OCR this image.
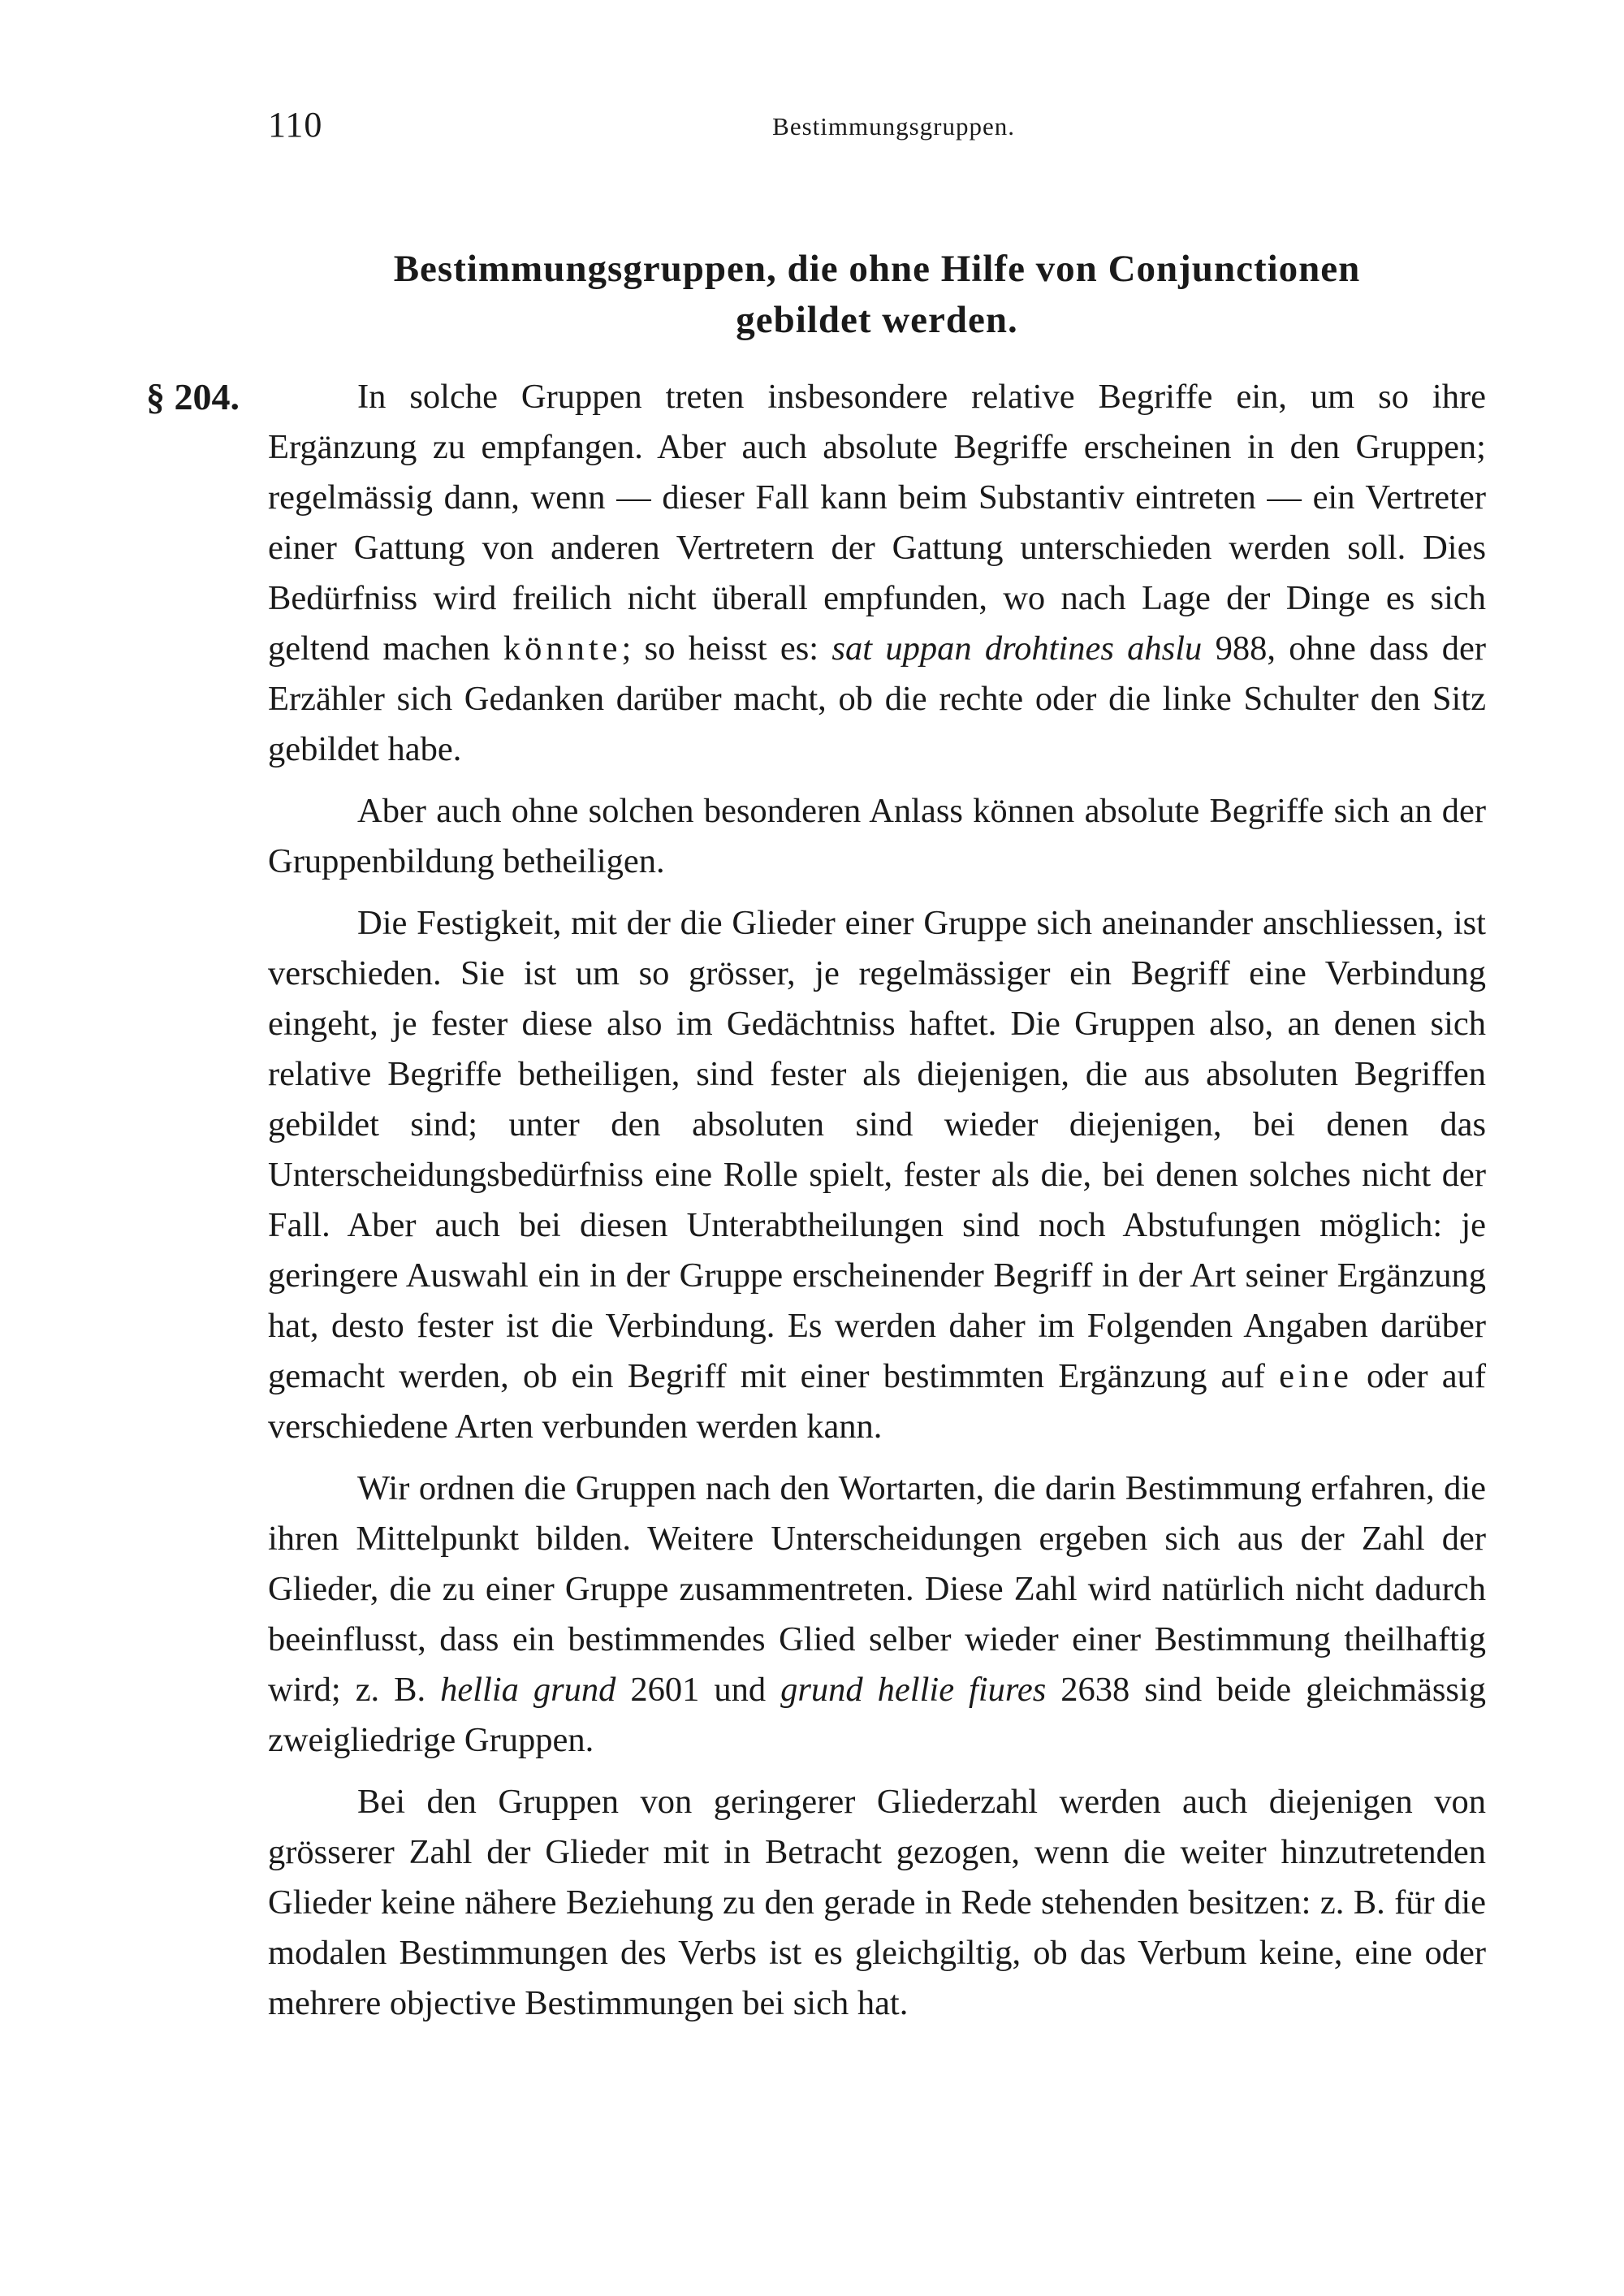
110	Bestimmungsgruppen.
Bestimmungsgruppen, die ohne Hilfe von Conjunctionen
gebildet werden.

§ 204.	In solche Gruppen treten insbesondere relative Begriffe ein, um so ihre Ergänzung zu empfangen. Aber auch absolute Begriffe erscheinen in den Gruppen; regelmässig dann, wenn — dieser Fall kann beim Substantiv eintreten — ein Vertreter einer Gattung von anderen Vertretern der Gattung unterschieden werden soll. Dies Bedürfniss wird freilich nicht überall empfunden, wo nach Lage der Dinge es sich geltend machen könnte; so heisst es: sat uppan drohtines ahslu 988, ohne dass der Erzähler sich Gedanken darüber macht, ob die rechte oder die linke Schulter den Sitz gebildet habe.

Aber auch ohne solchen besonderen Anlass können absolute Begriffe sich an der Gruppenbildung betheiligen.

Die Festigkeit, mit der die Glieder einer Gruppe sich aneinander anschliessen, ist verschieden. Sie ist um so grösser, je regelmässiger ein Begriff eine Verbindung eingeht, je fester diese also im Gedächtniss haftet. Die Gruppen also, an denen sich relative Begriffe betheiligen, sind fester als diejenigen, die aus absoluten Begriffen gebildet sind; unter den absoluten sind wieder diejenigen, bei denen das Unterscheidungsbedürfniss eine Rolle spielt, fester als die, bei denen solches nicht der Fall. Aber auch bei diesen Unterabtheilungen sind noch Abstufungen möglich: je geringere Auswahl ein in der Gruppe erscheinender Begriff in der Art seiner Ergänzung hat, desto fester ist die Verbindung. Es werden daher im Folgenden Angaben darüber gemacht werden, ob ein Begriff mit einer bestimmten Ergänzung auf eine oder auf verschiedene Arten verbunden werden kann.

Wir ordnen die Gruppen nach den Wortarten, die darin Bestimmung erfahren, die ihren Mittelpunkt bilden. Weitere Unterscheidungen ergeben sich aus der Zahl der Glieder, die zu einer Gruppe zusammentreten. Diese Zahl wird natürlich nicht dadurch beeinflusst, dass ein bestimmendes Glied selber wieder einer Bestimmung theilhaftig wird; z. B. hellia grund 2601 und grund hellie fiures 2638 sind beide gleichmässig zweigliedrige Gruppen.

Bei den Gruppen von geringerer Gliederzahl werden auch diejenigen von grösserer Zahl der Glieder mit in Betracht gezogen, wenn die weiter hinzutretenden Glieder keine nähere Beziehung zu den gerade in Rede stehenden besitzen: z. B. für die modalen Bestimmungen des Verbs ist es gleichgiltig, ob das Verbum keine, eine oder mehrere objective Bestimmungen bei sich hat.
